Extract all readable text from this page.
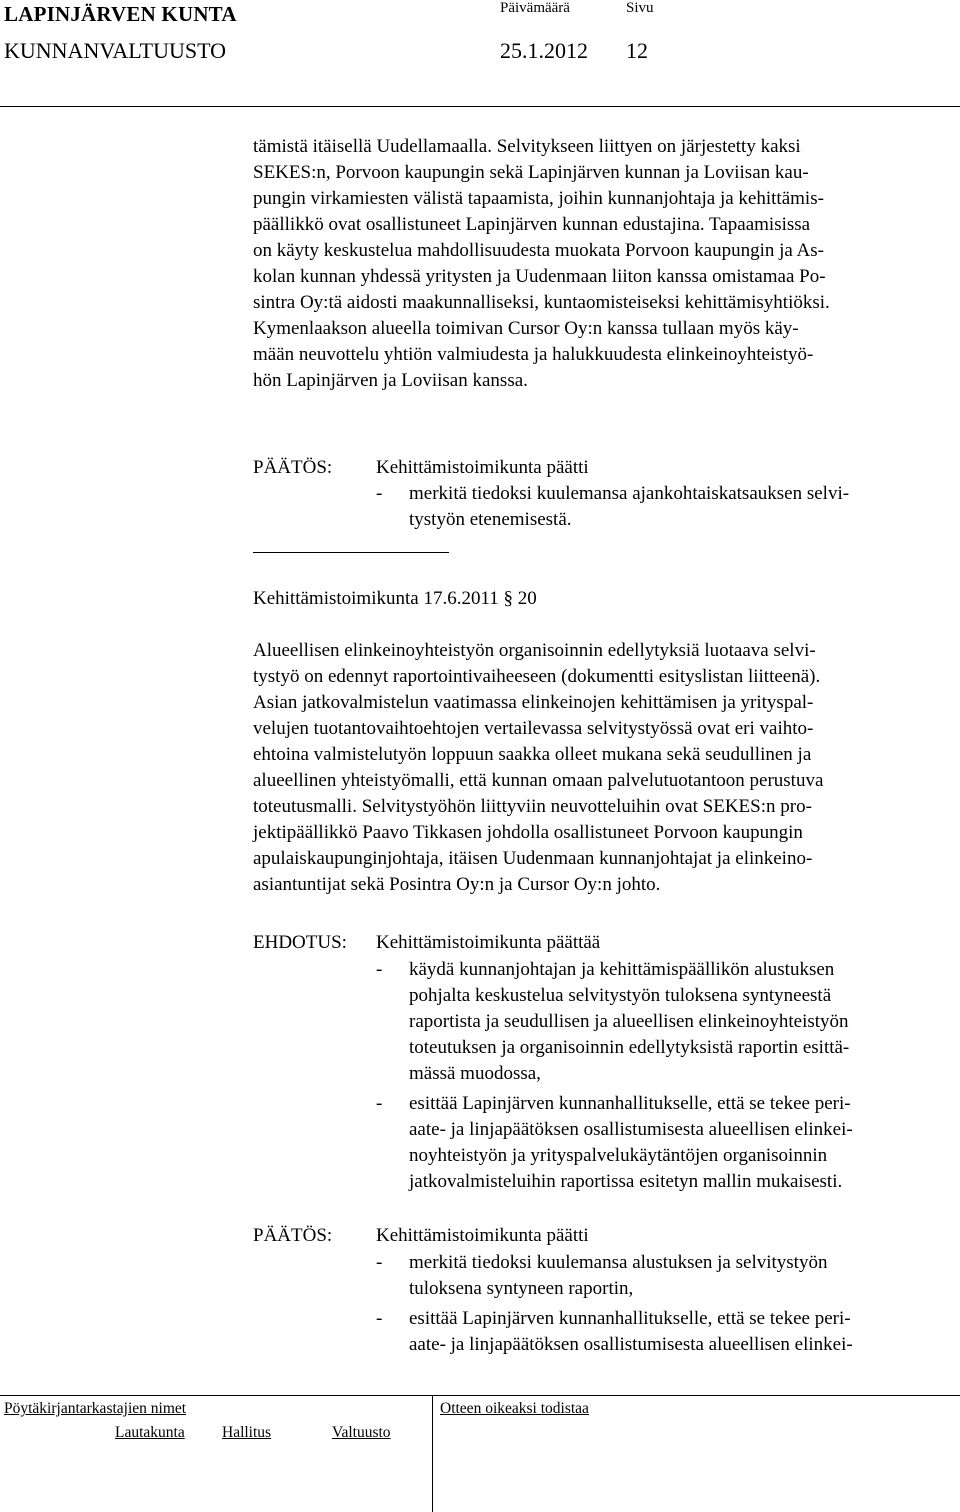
LAPINJÄRVEN KUNTA
KUNNANVALTUUSTO
Päivämäärä	Sivu
25.1.2012 12
tämistä itäisellä Uudellamaalla. Selvitykseen liittyen on järjestetty kaksi
SEKES:n, Porvoon kaupungin sekä Lapinjärven kunnan ja Loviisan kau-
pungin virkamiesten välistä tapaamista, joihin kunnanjohtaja ja kehittämis-
päällikkö ovat osallistuneet Lapinjärven kunnan edustajina. Tapaamisissa
on käyty keskustelua mahdollisuudesta muokata Porvoon kaupungin ja As-
kolan kunnan yhdessä yritysten ja Uudenmaan liiton kanssa omistamaa Po-
sintra Oy:tä aidosti maakunnalliseksi, kuntaomisteiseksi kehittämisyhtiöksi.
Kymenlaakson alueella toimivan Cursor Oy:n kanssa tullaan myös käy-
mään neuvottelu yhtiön valmiudesta ja halukkuudesta elinkeinoyhteistyö-
hön Lapinjärven ja Loviisan kanssa.
PÄÄTÖS: Kehittämistoimikunta päätti
- merkitä tiedoksi kuulemansa ajankohtaiskatsauksen selvi-
tystyön etenemisestä.
Kehittämistoimikunta 17.6.2011 § 20
Alueellisen elinkeinoyhteistyön organisoinnin edellytyksiä luotaava selvi-
tystyö on edennyt raportointivaiheeseen (dokumentti esityslistan liitteenä).
Asian jatkovalmistelun vaatimassa elinkeinojen kehittämisen ja yrityspal-
velujen tuotantovaihtoehtojen vertailevassa selvitystyössä ovat eri vaihto-
ehtoina valmistelutyön loppuun saakka olleet mukana sekä seudullinen ja
alueellinen yhteistyömalli, että kunnan omaan palvelutuotantoon perustuva
toteutusmalli. Selvitystyöhön liittyviin neuvotteluihin ovat SEKES:n pro-
jektipäällikkö Paavo Tikkasen johdolla osallistuneet Porvoon kaupungin
apulaiskaupunginjohtaja, itäisen Uudenmaan kunnanjohtajat ja elinkeino-
asiantuntijat sekä Posintra Oy:n ja Cursor Oy:n johto.
EHDOTUS: Kehittämistoimikunta päättää
- käydä kunnanjohtajan ja kehittämispäällikön alustuksen
pohjalta keskustelua selvitystyön tuloksena syntyneestä
raportista ja seudullisen ja alueellisen elinkeinoyhteistyön
toteutuksen ja organisoinnin edellytyksistä raportin esittä-
mässä muodossa,
- esittää Lapinjärven kunnanhallitukselle, että se tekee peri-
aate- ja linjapäätöksen osallistumisesta alueellisen elinkei-
noyhteistyön ja yrityspalvelukäytäntöjen organisoinnin
jatkovalmisteluihin raportissa esitetyn mallin mukaisesti.
PÄÄTÖS: Kehittämistoimikunta päätti
- merkitä tiedoksi kuulemansa alustuksen ja selvitystyön
tuloksena syntyneen raportin,
- esittää Lapinjärven kunnanhallitukselle, että se tekee peri-
aate- ja linjapäätöksen osallistumisesta alueellisen elinkei-
Pöytäkirjantarkastajien nimet	Otteen oikeaksi todistaa
Lautakunta Hallitus	Valtuusto
